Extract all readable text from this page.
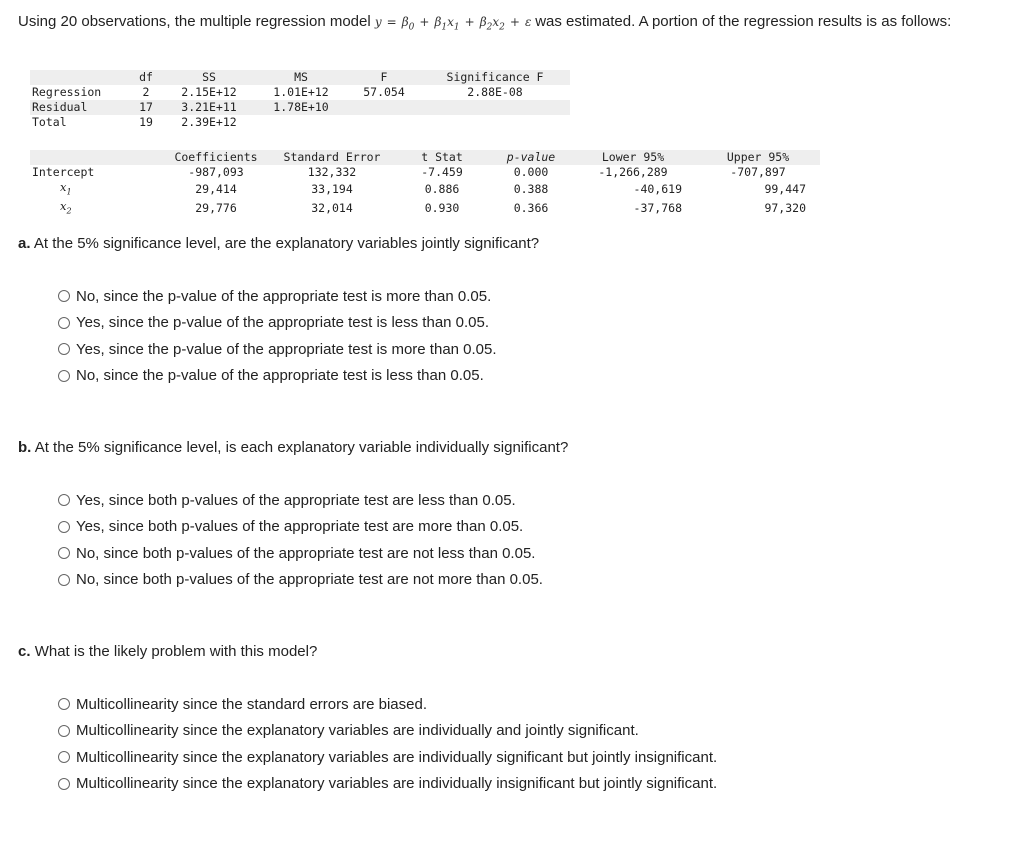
Using 20 observations, the multiple regression model $y = \beta_0 + \beta_1x_1 + \beta_2x_2 + \varepsilon$ was estimated. A portion of the regression results is as follows:
	df	SS	MS	F	Significance F
Regression	2	2.15E+12	1.01E+12	57.054	2.88E-08
Residual	17	3.21E+11	1.78E+10		
Total	19	2.39E+12			
	Coefficients	Standard Error	t Stat	p-value	Lower 95%	Upper 95%
Intercept	-987,093	132,332	-7.459	0.000	-1,266,289	-707,897
$x_1$	29,414	33,194	0.886	0.388	-40,619	99,447
$x_2$	29,776	32,014	0.930	0.366	-37,768	97,320
a. At the 5% significance level, are the explanatory variables jointly significant?
No, since the p-value of the appropriate test is more than 0.05.
Yes, since the p-value of the appropriate test is less than 0.05.
Yes, since the p-value of the appropriate test is more than 0.05.
No, since the p-value of the appropriate test is less than 0.05.
b. At the 5% significance level, is each explanatory variable individually significant?
Yes, since both p-values of the appropriate test are less than 0.05.
Yes, since both p-values of the appropriate test are more than 0.05.
No, since both p-values of the appropriate test are not less than 0.05.
No, since both p-values of the appropriate test are not more than 0.05.
c. What is the likely problem with this model?
Multicollinearity since the standard errors are biased.
Multicollinearity since the explanatory variables are individually and jointly significant.
Multicollinearity since the explanatory variables are individually significant but jointly insignificant.
Multicollinearity since the explanatory variables are individually insignificant but jointly significant.
